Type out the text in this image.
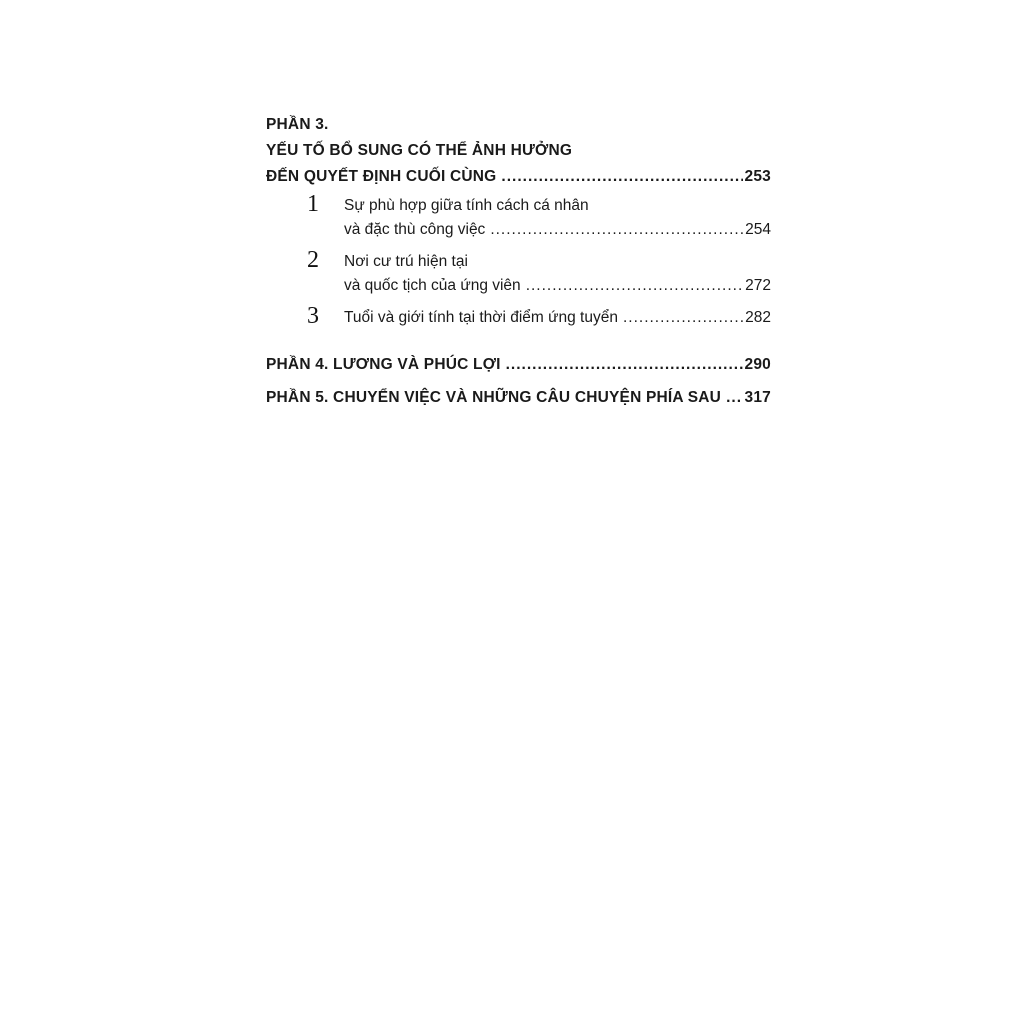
PHẦN 3.
YẾU TỐ BỔ SUNG CÓ THỂ ẢNH HƯỞNG
ĐẾN QUYẾT ĐỊNH CUỐI CÙNG .....	253
1 Sự phù hợp giữa tính cách cá nhân
và đặc thù công việc .....	254
2 Nơi cư trú hiện tại
và quốc tịch của ứng viên .....	272
3 Tuổi và giới tính tại thời điểm ứng tuyển .....	282
PHẦN 4. LƯƠNG VÀ PHÚC LỢI .....	290
PHẦN 5. CHUYỂN VIỆC VÀ NHỮNG CÂU CHUYỆN PHÍA SAU ..... 317
